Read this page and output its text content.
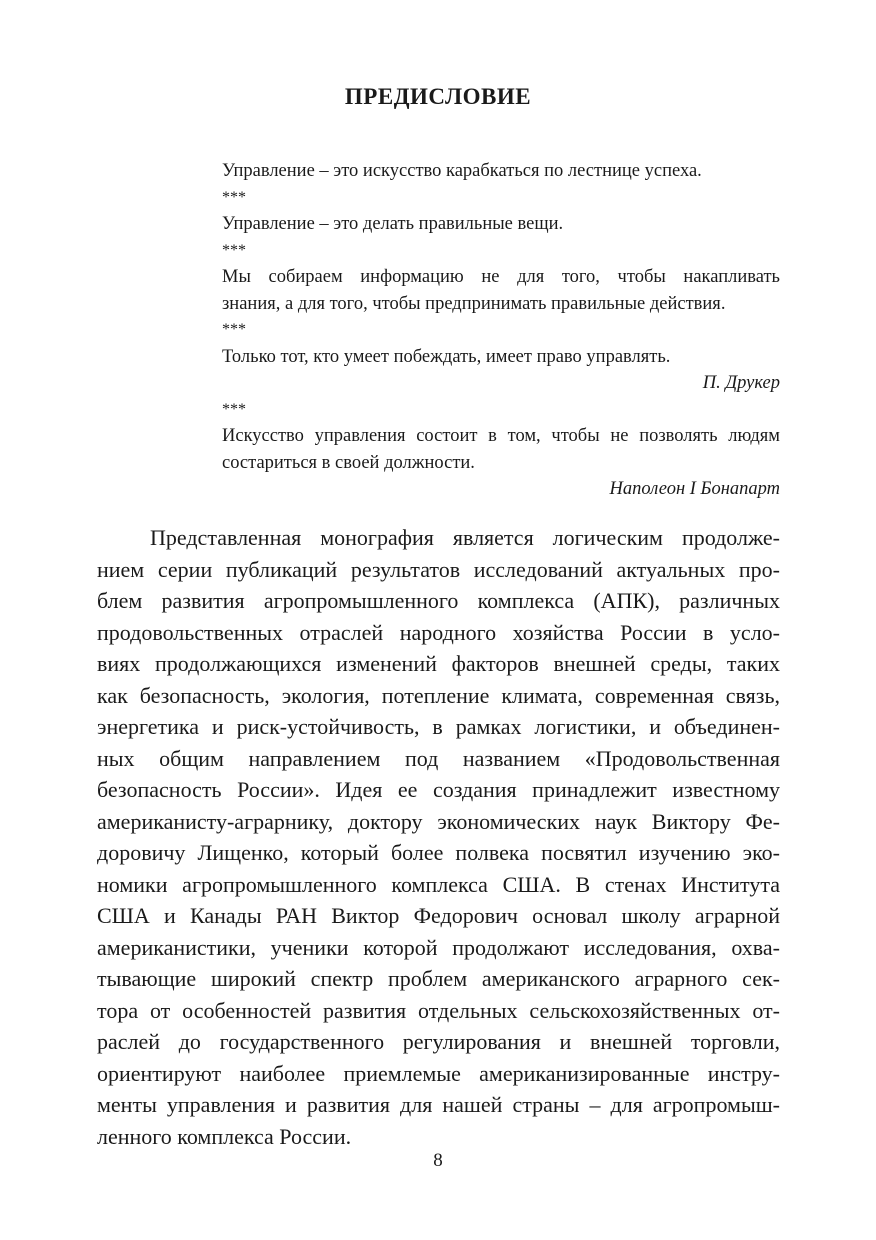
ПРЕДИСЛОВИЕ
Управление – это искусство карабкаться по лестнице успеха.
***
Управление – это делать правильные вещи.
***
Мы собираем информацию не для того, чтобы накапливать
знания, а для того, чтобы предпринимать правильные действия.
***
Только тот, кто умеет побеждать, имеет право управлять.
П. Друкер
***
Искусство управления состоит в том, чтобы не позволять людям
состариться в своей должности.
Наполеон I Бонапарт
Представленная монография является логическим продолже-
нием серии публикаций результатов исследований актуальных про-
блем развития агропромышленного комплекса (АПК), различных
продовольственных отраслей народного хозяйства России в усло-
виях продолжающихся изменений факторов внешней среды, таких
как безопасность, экология, потепление климата, современная связь,
энергетика и риск-устойчивость, в рамках логистики, и объединен-
ных общим направлением под названием «Продовольственная
безопасность России». Идея ее создания принадлежит известному
американисту-аграрнику, доктору экономических наук Виктору Фе-
доровичу Лищенко, который более полвека посвятил изучению эко-
номики агропромышленного комплекса США. В стенах Института
США и Канады РАН Виктор Федорович основал школу аграрной
американистики, ученики которой продолжают исследования, охва-
тывающие широкий спектр проблем американского аграрного сек-
тора от особенностей развития отдельных сельскохозяйственных от-
раслей до государственного регулирования и внешней торговли,
ориентируют наиболее приемлемые американизированные инстру-
менты управления и развития для нашей страны – для агропромыш-
ленного комплекса России.
8
